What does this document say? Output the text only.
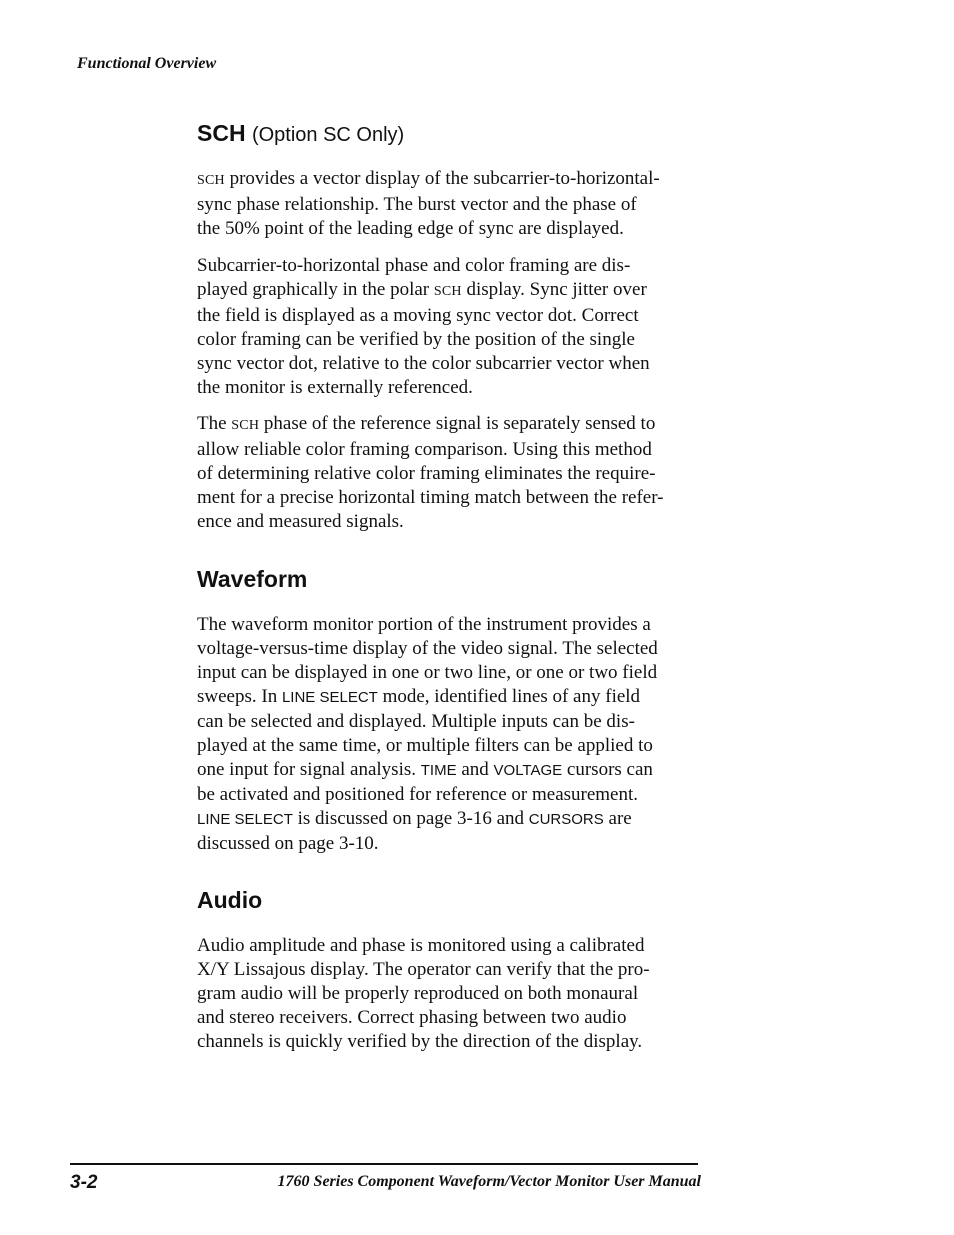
Functional Overview
SCH (Option SC Only)

SCH provides a vector display of the subcarrier-to-horizontal-
sync phase relationship. The burst vector and the phase of
the 50% point of the leading edge of sync are displayed.

Subcarrier-to-horizontal phase and color framing are dis-
played graphically in the polar SCH display. Sync jitter over
the field is displayed as a moving sync vector dot. Correct
color framing can be verified by the position of the single
sync vector dot, relative to the color subcarrier vector when
the monitor is externally referenced.

The SCH phase of the reference signal is separately sensed to
allow reliable color framing comparison. Using this method
of determining relative color framing eliminates the require-
ment for a precise horizontal timing match between the refer-
ence and measured signals.

Waveform

The waveform monitor portion of the instrument provides a
voltage-versus-time display of the video signal. The selected
input can be displayed in one or two line, or one or two field
sweeps. In LINE SELECT mode, identified lines of any field
can be selected and displayed. Multiple inputs can be dis-
played at the same time, or multiple filters can be applied to
one input for signal analysis. TIME and VOLTAGE cursors can
be activated and positioned for reference or measurement.
LINE SELECT is discussed on page 3-16 and CURSORS are
discussed on page 3-10.

Audio

Audio amplitude and phase is monitored using a calibrated
X/Y Lissajous display. The operator can verify that the pro-
gram audio will be properly reproduced on both monaural
and stereo receivers. Correct phasing between two audio
channels is quickly verified by the direction of the display.

3-2	1760 Series Component Waveform/Vector Monitor User Manual
